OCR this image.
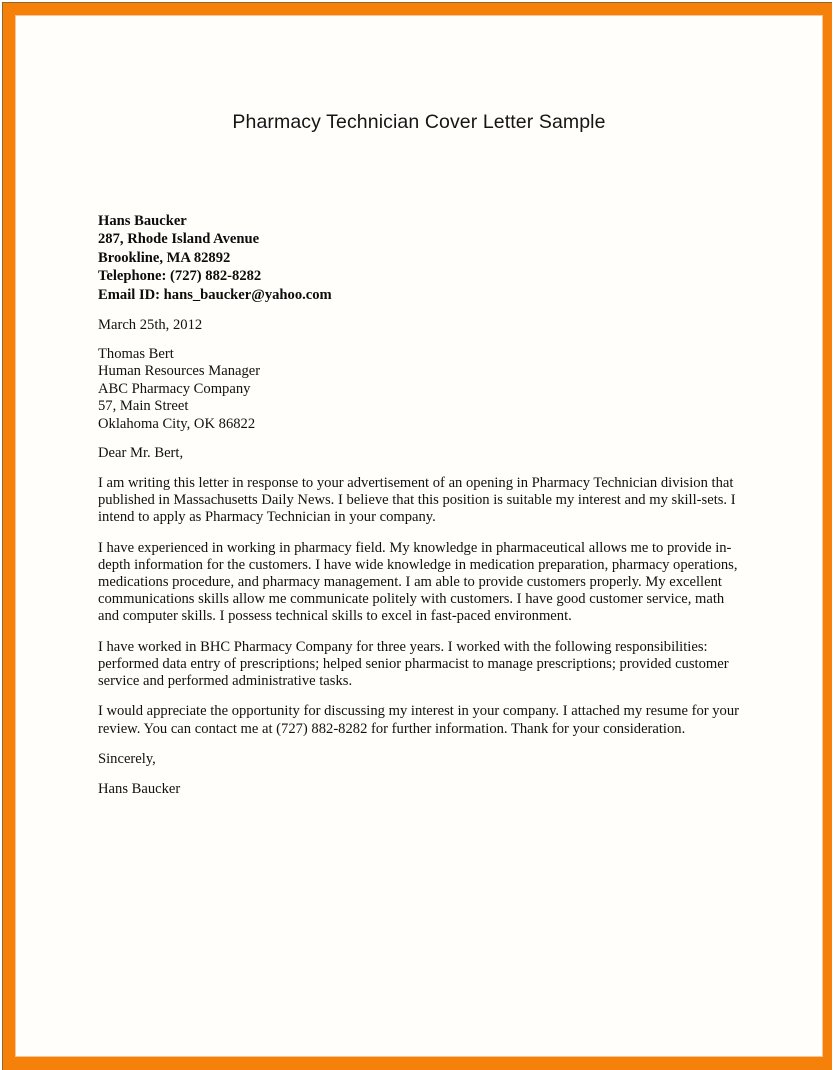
Pharmacy Technician Cover Letter Sample
Hans Baucker
287, Rhode Island Avenue
Brookline, MA 82892
Telephone: (727) 882-8282
Email ID: hans_baucker@yahoo.com
March 25th, 2012
Thomas Bert
Human Resources Manager
ABC Pharmacy Company
57, Main Street
Oklahoma City, OK 86822
Dear Mr. Bert,
I am writing this letter in response to your advertisement of an opening in Pharmacy Technician division that published in Massachusetts Daily News. I believe that this position is suitable my interest and my skill-sets. I intend to apply as Pharmacy Technician in your company.
I have experienced in working in pharmacy field. My knowledge in pharmaceutical allows me to provide in-depth information for the customers. I have wide knowledge in medication preparation, pharmacy operations, medications procedure, and pharmacy management. I am able to provide customers properly. My excellent communications skills allow me communicate politely with customers. I have good customer service, math and computer skills. I possess technical skills to excel in fast-paced environment.
I have worked in BHC Pharmacy Company for three years. I worked with the following responsibilities: performed data entry of prescriptions; helped senior pharmacist to manage prescriptions; provided customer service and performed administrative tasks.
I would appreciate the opportunity for discussing my interest in your company. I attached my resume for your review. You can contact me at (727) 882-8282 for further information. Thank for your consideration.
Sincerely,
Hans Baucker
